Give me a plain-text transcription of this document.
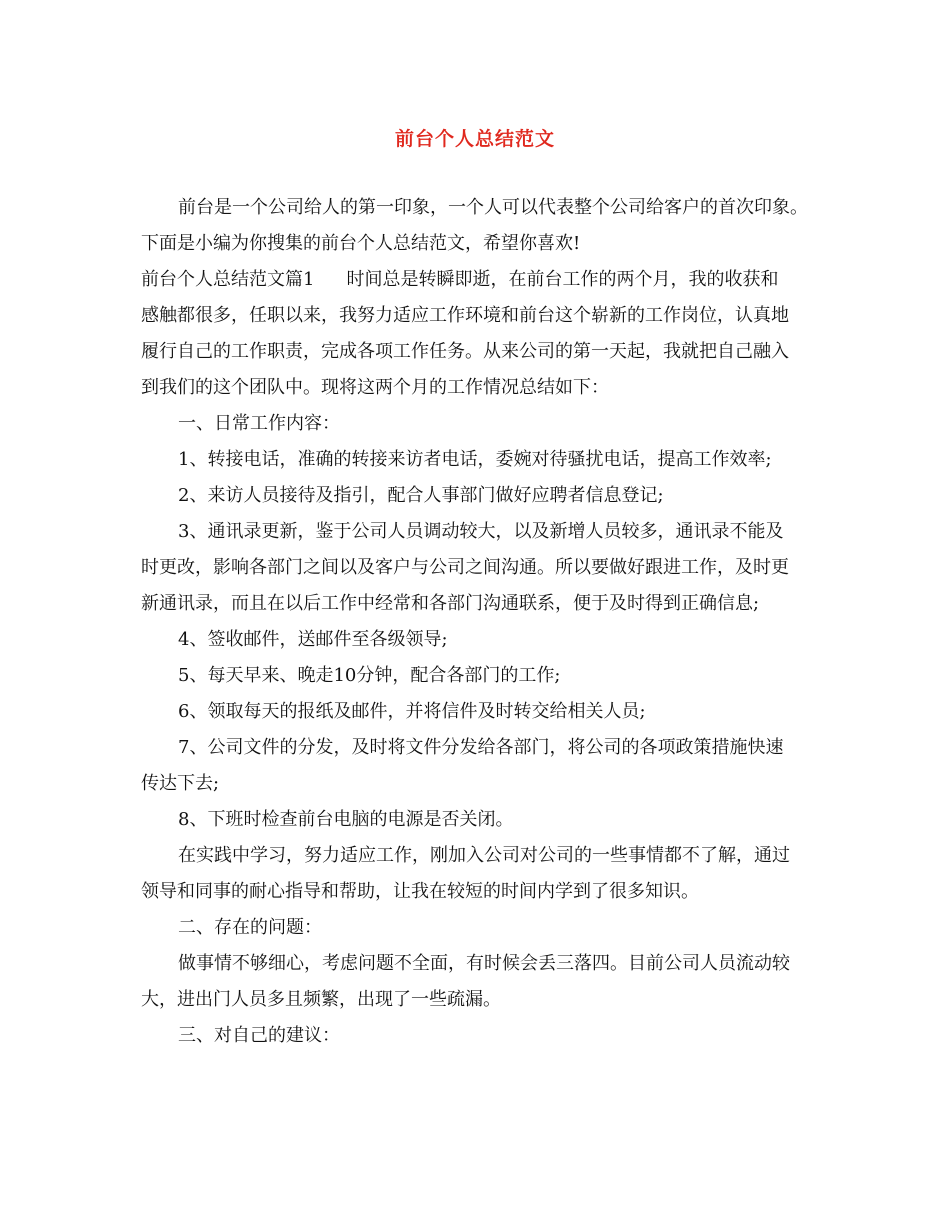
前台个人总结范文
前台是一个公司给人的第一印象，一个人可以代表整个公司给客户的首次印象。
下面是小编为你搜集的前台个人总结范文，希望你喜欢!
前台个人总结范文篇1 时间总是转瞬即逝，在前台工作的两个月，我的收获和
感触都很多，任职以来，我努力适应工作环境和前台这个崭新的工作岗位，认真地
履行自己的工作职责，完成各项工作任务。从来公司的第一天起，我就把自己融入
到我们的这个团队中。现将这两个月的工作情况总结如下：
一、日常工作内容：
1、转接电话，准确的转接来访者电话，委婉对待骚扰电话，提高工作效率;
2、来访人员接待及指引，配合人事部门做好应聘者信息登记;
3、通讯录更新，鉴于公司人员调动较大，以及新增人员较多，通讯录不能及
时更改，影响各部门之间以及客户与公司之间沟通。所以要做好跟进工作，及时更
新通讯录，而且在以后工作中经常和各部门沟通联系，便于及时得到正确信息;
4、签收邮件，送邮件至各级领导;
5、每天早来、晚走10分钟，配合各部门的工作;
6、领取每天的报纸及邮件，并将信件及时转交给相关人员;
7、公司文件的分发，及时将文件分发给各部门，将公司的各项政策措施快速
传达下去;
8、下班时检查前台电脑的电源是否关闭。
在实践中学习，努力适应工作，刚加入公司对公司的一些事情都不了解，通过
领导和同事的耐心指导和帮助，让我在较短的时间内学到了很多知识。
二、存在的问题：
做事情不够细心，考虑问题不全面，有时候会丢三落四。目前公司人员流动较
大，进出门人员多且频繁，出现了一些疏漏。
三、对自己的建议：
